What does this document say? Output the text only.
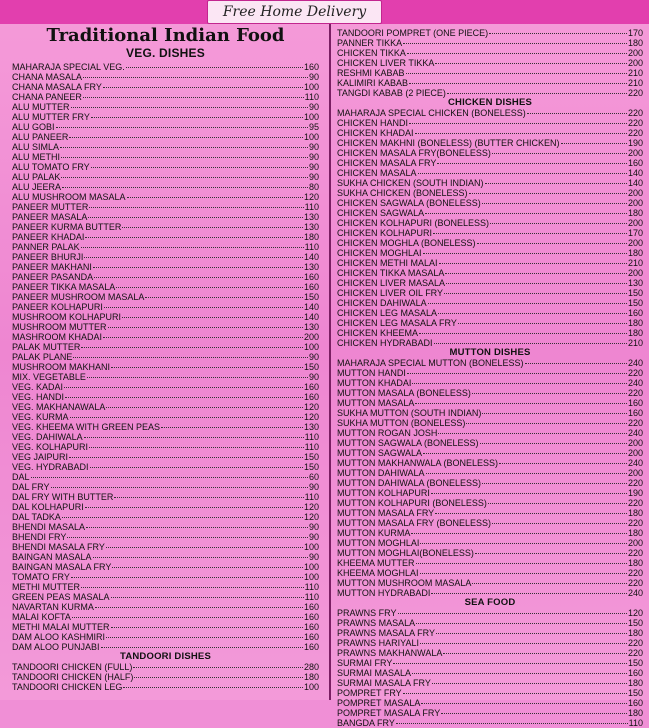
Free Home Delivery
Traditional Indian Food
VEG. DISHES
MAHARAJA SPECIAL VEG.	160
CHANA MASALA	90
CHANA MASALA FRY	100
CHANA PANEER	110
ALU MUTTER	90
ALU MUTTER FRY	100
ALU GOBI	95
ALU PANEER	100
ALU SIMLA	90
ALU METHI	90
ALU TOMATO FRY	90
ALU PALAK	90
ALU JEERA	80
ALU MUSHROOM MASALA	120
PANEER MUTTER	110
PANEER MASALA	130
PANEER KURMA BUTTER	130
PANEER KHADAI	180
PANNER PALAK	110
PANEER BHURJI	140
PANEER MAKHANI	130
PANEER PASANDA	160
PANEER TIKKA MASALA	160
PANEER MUSHROOM MASALA	150
PANEER KOLHAPURI	140
MUSHROOM KOLHAPURI	140
MUSHROOM MUTTER	130
MASHROOM KHADAI	200
PALAK MUTTER	100
PALAK PLANE	90
MUSHROOM MAKHANI	150
MIX. VEGETABLE	90
VEG. KADAI	160
VEG. HANDI	160
VEG. MAKHANAWALA	120
VEG. KURMA	120
VEG. KHEEMA WITH GREEN PEAS	130
VEG. DAHIWALA	110
VEG. KOLHAPURI	110
VEG JAIPURI	150
VEG. HYDRABADI	150
DAL	60
DAL FRY	90
DAL FRY WITH BUTTER	110
DAL KOLHAPURI	120
DAL TADKA	120
BHENDI MASALA	90
BHENDI FRY	90
BHENDI MASALA FRY	100
BAINGAN MASALA	90
BAINGAN MASALA FRY	100
TOMATO FRY	100
METHI MUTTER	110
GREEN PEAS MASALA	110
NAVARTAN KURMA	160
MALAI KOFTA	160
METHI MALAI MUTTER	160
DAM ALOO KASHMIRI	160
DAM ALOO PUNJABI	160
TANDOORI DISHES
TANDOORI CHICKEN (FULL)	280
TANDOORI CHICKEN (HALF)	180
TANDOORI CHICKEN LEG	100
TANDOORI POMPRET (ONE PIECE)	170
PANNER TIKKA	180
CHICKEN TIKKA	200
CHICKEN LIVER TIKKA	200
RESHMI KABAB	210
KALIMIRI KABAB	210
TANGDI KABAB (2 PIECE)	220
CHICKEN DISHES
MAHARAJA SPECIAL CHICKEN (BONELESS)	220
CHICKEN HANDI	220
CHICKEN KHADAI	220
CHICKEN MAKHNI (BONELESS) (BUTTER CHICKEN)	190
CHICKEN MASALA FRY(BONELESS)	200
CHICKEN MASALA FRY	160
CHICKEN MASALA	140
SUKHA CHICKEN (SOUTH INDIAN)	140
SUKHA CHICKEN (BONELESS)	200
CHICKEN SAGWALA (BONELESS)	200
CHICKEN SAGWALA	180
CHICKEN KOLHAPURI (BONELESS)	200
CHICKEN KOLHAPURI	170
CHICKEN MOGHLA (BONELESS)	200
CHICKEN MOGHLAI	180
CHICKEN METHI MALAI	210
CHICKEN TIKKA MASALA	200
CHICKEN LIVER MASALA	130
CHICKEN LIVER OIL FRY	150
CHICKEN DAHIWALA	150
CHICKEN LEG MASALA	160
CHICKEN LEG MASALA FRY	180
CHICKEN KHEEMA	180
CHICKEN HYDRABADI	210
MUTTON DISHES
MAHARAJA SPECIAL MUTTON (BONELESS)	240
MUTTON HANDI	220
MUTTON KHADAI	240
MUTTON MASALA (BONELESS)	220
MUTTON MASALA	160
SUKHA MUTTON (SOUTH INDIAN)	160
SUKHA MUTTON (BONELESS)	220
MUTTON ROGAN JOSH	240
MUTTON SAGWALA (BONELESS)	200
MUTTON SAGWALA	200
MUTTON MAKHANWALA (BONELESS)	240
MUTTON DAHIWALA	200
MUTTON DAHIWALA (BONELESS)	220
MUTTON KOLHAPURI	190
MUTTON KOLHAPURI (BONELESS)	220
MUTTON MASALA FRY	180
MUTTON MASALA FRY (BONELESS)	220
MUTTON KURMA	180
MUTTON MOGHLAI	200
MUTTON MOGHLAI(BONELESS)	220
KHEEMA MUTTER	180
KHEEMA MOGHLAI	220
MUTTON MUSHROOM MASALA	220
MUTTON HYDRABADI	240
SEA FOOD
PRAWNS FRY	120
PRAWNS MASALA	150
PRAWNS MASALA FRY	180
PRAWNS HARIYALI	220
PRAWNS MAKHANWALA	220
SURMAI FRY	150
SURMAI MASALA	160
SURMAI MASALA FRY	180
POMPRET FRY	150
POMPRET MASALA	160
POMPRET MASALA FRY	180
BANGDA FRY	110
